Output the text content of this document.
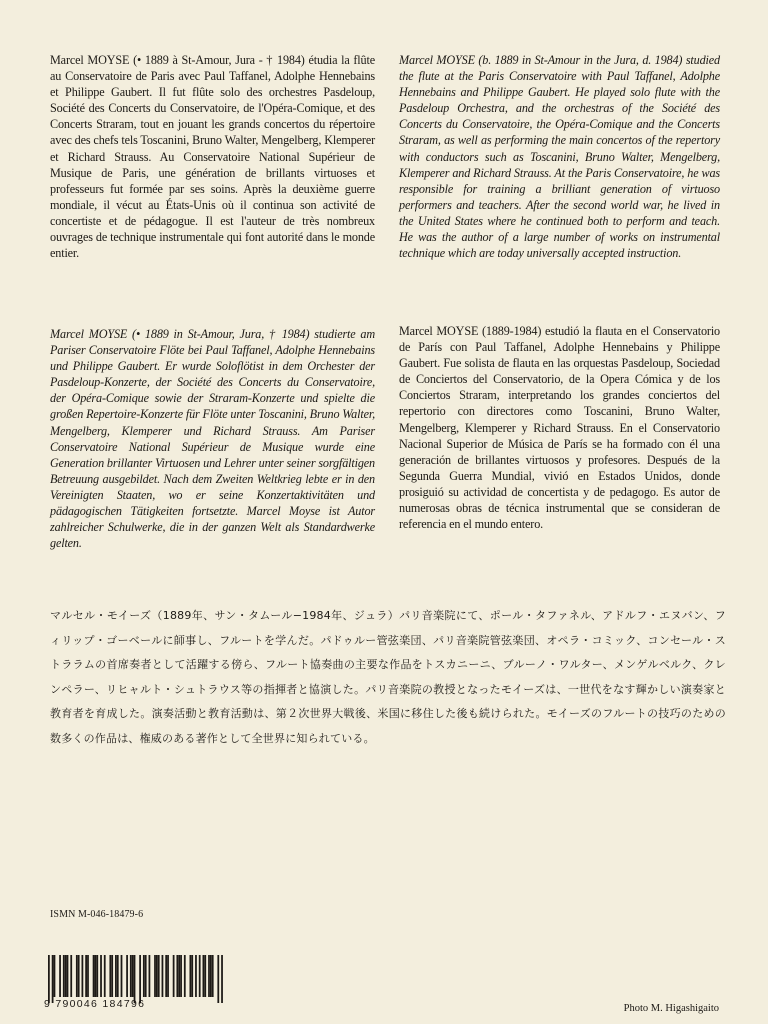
Marcel MOYSE (• 1889 à St-Amour, Jura - † 1984) étudia la flûte au Conservatoire de Paris avec Paul Taffanel, Adolphe Hennebains et Philippe Gaubert. Il fut flûte solo des orchestres Pasdeloup, Société des Concerts du Conservatoire, de l'Opéra-Comique, et des Concerts Straram, tout en jouant les grands concertos du répertoire avec des chefs tels Toscanini, Bruno Walter, Mengelberg, Klemperer et Richard Strauss. Au Conservatoire National Supérieur de Musique de Paris, une génération de brillants virtuoses et professeurs fut formée par ses soins. Après la deuxième guerre mondiale, il vécut au États-Unis où il continua son activité de concertiste et de pédagogue. Il est l'auteur de très nombreux ouvrages de technique instrumentale qui font autorité dans le monde entier.

Marcel MOYSE (b. 1889 in St-Amour in the Jura, d. 1984) studied the flute at the Paris Conservatoire with Paul Taffanel, Adolphe Hennebains and Philippe Gaubert. He played solo flute with the Pasdeloup Orchestra, and the orchestras of the Société des Concerts du Conservatoire, the Opéra-Comique and the Concerts Straram, as well as performing the main concertos of the repertory with conductors such as Toscanini, Bruno Walter, Mengelberg, Klemperer and Richard Strauss. At the Paris Conservatoire, he was responsible for training a brilliant generation of virtuoso performers and teachers. After the second world war, he lived in the United States where he continued both to perform and teach. He was the author of a large number of works on instrumental technique which are today universally accepted instruction.

Marcel MOYSE (• 1889 in St-Amour, Jura, † 1984) studierte am Pariser Conservatoire Flöte bei Paul Taffanel, Adolphe Hennebains und Philippe Gaubert. Er wurde Soloflötist in dem Orchester der Pasdeloup-Konzerte, der Société des Concerts du Conservatoire, der Opéra-Comique sowie der Straram-Konzerte und spielte die großen Repertoire-Konzerte für Flöte unter Toscanini, Bruno Walter, Mengelberg, Klemperer und Richard Strauss. Am Pariser Conservatoire National Supérieur de Musique wurde eine Generation brillanter Virtuosen und Lehrer unter seiner sorgfältigen Betreuung ausgebildet. Nach dem Zweiten Weltkrieg lebte er in den Vereinigten Staaten, wo er seine Konzertaktivitäten und pädagogischen Tätigkeiten fortsetzte. Marcel Moyse ist Autor zahlreicher Schulwerke, die in der ganzen Welt als Standardwerke gelten.

Marcel MOYSE (1889-1984) estudió la flauta en el Conservatorio de París con Paul Taffanel, Adolphe Hennebains y Philippe Gaubert. Fue solista de flauta en las orquestas Pasdeloup, Sociedad de Conciertos del Conservatorio, de la Opera Cómica y de los Conciertos Straram, interpretando los grandes conciertos del repertorio con directores como Toscanini, Bruno Walter, Mengelberg, Klemperer y Richard Strauss. En el Conservatorio Nacional Superior de Música de París se ha formado con él una generación de brillantes virtuosos y profesores. Después de la Segunda Guerra Mundial, vivió en Estados Unidos, donde prosiguió su actividad de concertista y de pedagogo. Es autor de numerosas obras de técnica instrumental que se consideran de referencia en el mundo entero.

マルセル・モイーズ（1889年、サン・タムール−1984年、ジュラ）パリ音楽院にて、ポール・タファネル、アドルフ・エヌバン、フィリップ・ゴーベールに師事し、フルートを学んだ。パドゥルー管弦楽団、パリ音楽院管弦楽団、オペラ・コミック、コンセール・ストララムの首席奏者として活躍する傍ら、フルート協奏曲の主要な作品をトスカニーニ、ブルーノ・ワルター、メンゲルベルク、クレンペラー、リヒャルト・シュトラウス等の指揮者と協演した。パリ音楽院の教授となったモイーズは、一世代をなす輝かしい演奏家と教育者を育成した。演奏活動と教育活動は、第２次世界大戦後、米国に移住した後も続けられた。モイーズのフルートの技巧のための数多くの作品は、権威のある著作として全世界に知られている。

ISMN M-046-18479-6
9 790046 184796	Photo M. Higashigaito
